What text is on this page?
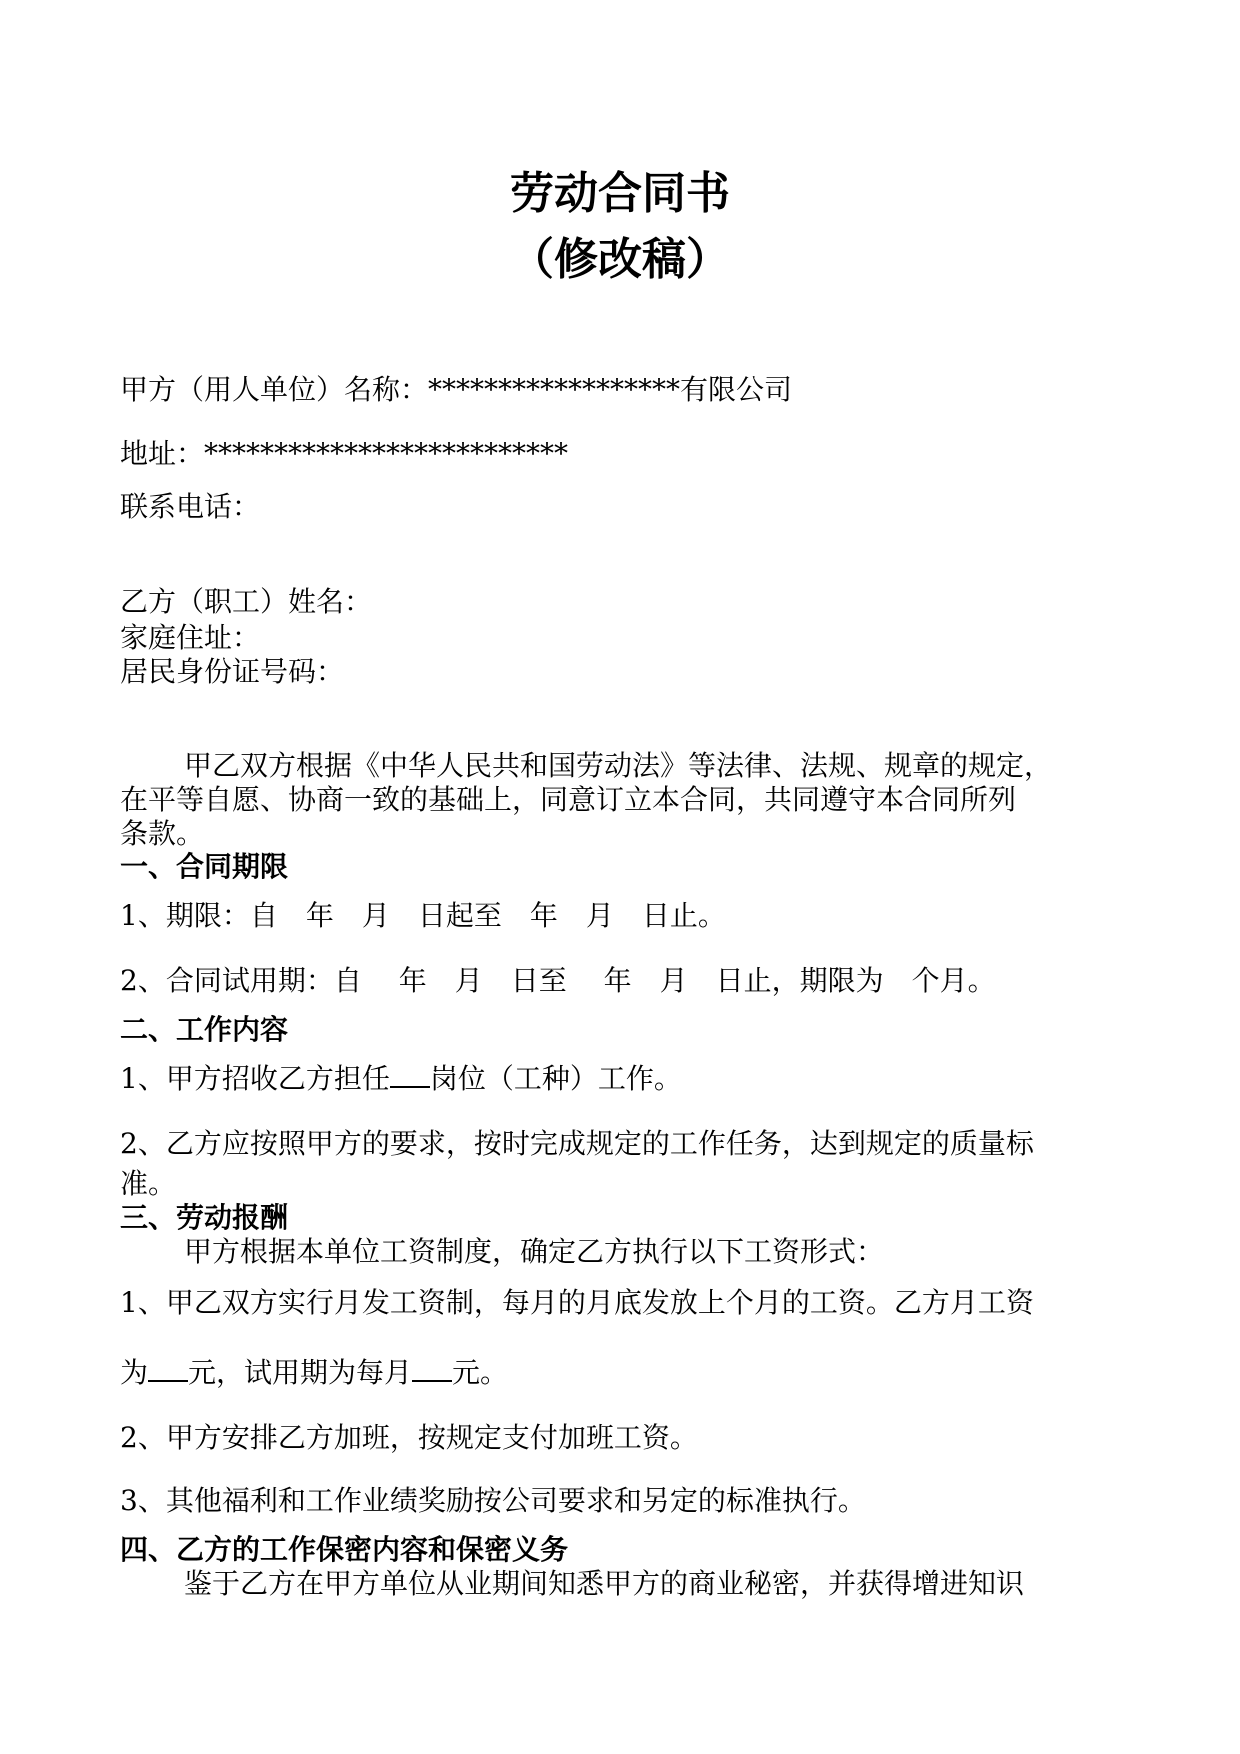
劳动合同书
（修改稿）
甲方（用人单位）名称：******************有限公司
地址：**************************
联系电话：
乙方（职工）姓名：
家庭住址：
居民身份证号码：
甲乙双方根据《中华人民共和国劳动法》等法律、法规、规章的规定，
在平等自愿、协商一致的基础上，同意订立本合同，共同遵守本合同所列
条款。
一、合同期限
1、期限：自　年　月　日起至　年　月　日止。
2、合同试用期：自　 年　月　日至　 年　月　日止，期限为　个月。
二、工作内容
1、甲方招收乙方担任 岗位（工种）工作。
2、乙方应按照甲方的要求，按时完成规定的工作任务，达到规定的质量标
准。
三、劳动报酬
甲方根据本单位工资制度，确定乙方执行以下工资形式：
1、甲乙双方实行月发工资制，每月的月底发放上个月的工资。乙方月工资
为 元，试用期为每月 元。
2、甲方安排乙方加班，按规定支付加班工资。
3、其他福利和工作业绩奖励按公司要求和另定的标准执行。
四、乙方的工作保密内容和保密义务
鉴于乙方在甲方单位从业期间知悉甲方的商业秘密，并获得增进知识
